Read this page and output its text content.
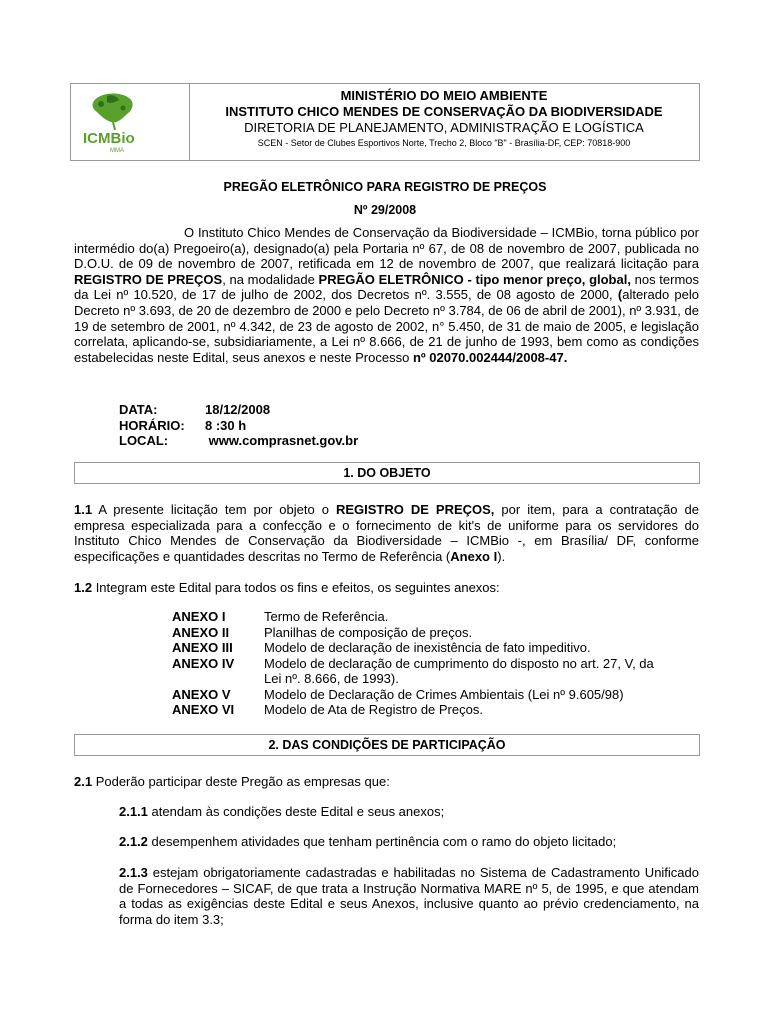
ICMBio
MMA
MINISTÉRIO DO MEIO AMBIENTE
INSTITUTO CHICO MENDES DE CONSERVAÇÃO DA BIODIVERSIDADE
DIRETORIA DE PLANEJAMENTO, ADMINISTRAÇÃO E LOGÍSTICA
SCEN - Setor de Clubes Esportivos Norte, Trecho 2, Bloco "B" - Brasília-DF, CEP: 70818-900
PREGÃO ELETRÔNICO PARA REGISTRO DE PREÇOS
Nº 29/2008
O Instituto Chico Mendes de Conservação da Biodiversidade – ICMBio, torna público por intermédio do(a) Pregoeiro(a), designado(a) pela Portaria nº 67, de 08 de novembro de 2007, publicada no D.O.U. de 09 de novembro de 2007, retificada em 12 de novembro de 2007, que realizará licitação para REGISTRO DE PREÇOS, na modalidade PREGÃO ELETRÔNICO - tipo menor preço, global, nos termos da Lei nº 10.520, de 17 de julho de 2002, dos Decretos nº. 3.555, de 08 agosto de 2000, (alterado pelo Decreto nº 3.693, de 20 de dezembro de 2000 e pelo Decreto nº 3.784, de 06 de abril de 2001), nº 3.931, de 19 de setembro de 2001, nº 4.342, de 23 de agosto de 2002, n° 5.450, de 31 de maio de 2005, e legislação correlata, aplicando-se, subsidiariamente, a Lei nº 8.666, de 21 de junho de 1993, bem como as condições estabelecidas neste Edital, seus anexos e neste Processo nº 02070.002444/2008-47.
DATA:	18/12/2008
HORÁRIO: 8 :30 h
LOCAL:	www.comprasnet.gov.br
1. DO OBJETO
1.1 A presente licitação tem por objeto o REGISTRO DE PREÇOS, por item, para a contratação de empresa especializada para a confecção e o fornecimento de kit's de uniforme para os servidores do Instituto Chico Mendes de Conservação da Biodiversidade – ICMBio -, em Brasília/ DF, conforme especificações e quantidades descritas no Termo de Referência (Anexo I).
1.2 Integram este Edital para todos os fins e efeitos, os seguintes anexos:
ANEXO I	Termo de Referência.
ANEXO II	Planilhas de composição de preços.
ANEXO III	Modelo de declaração de inexistência de fato impeditivo.
ANEXO IV	Modelo de declaração de cumprimento do disposto no art. 27, V, da Lei nº. 8.666, de 1993).
ANEXO V	Modelo de Declaração de Crimes Ambientais (Lei nº 9.605/98)
ANEXO VI	Modelo de Ata de Registro de Preços.
2. DAS CONDIÇÕES DE PARTICIPAÇÃO
2.1 Poderão participar deste Pregão as empresas que:
2.1.1 atendam às condições deste Edital e seus anexos;
2.1.2 desempenhem atividades que tenham pertinência com o ramo do objeto licitado;
2.1.3 estejam obrigatoriamente cadastradas e habilitadas no Sistema de Cadastramento Unificado de Fornecedores – SICAF, de que trata a Instrução Normativa MARE nº 5, de 1995, e que atendam a todas as exigências deste Edital e seus Anexos, inclusive quanto ao prévio credenciamento, na forma do item 3.3;
